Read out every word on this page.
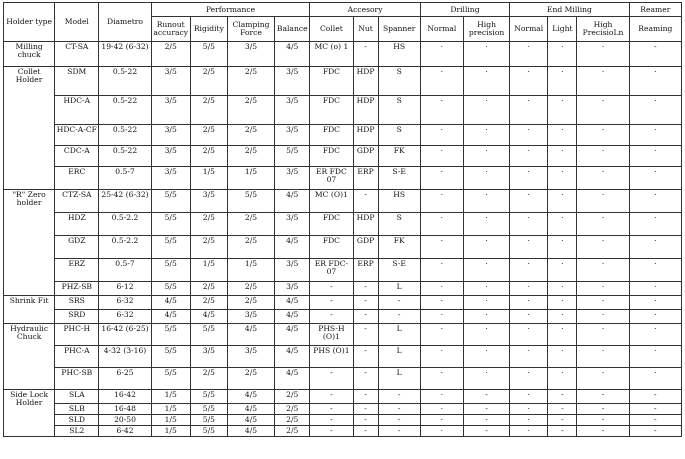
Holder type	Model	Diametro	Performance				Accesory			Drilling		End Milling			Reamer
			Runout accuracy	Rigidity	Clamping Force	Balance	Collet	Nut	Spanner	Normal	High precision	Normal	Light	High PrecisioLn	Reaming
Milling chuck	CT-SA	19-42 (6-32)	2/5	5/5	3/5	4/5	MC (o) 1	-	HS	·	·	·	·	·	-
Collet Holder	SDM	0.5-22	3/5	2/5	2/5	3/5	FDC	HDP	S	·	·	·	·	·	·
	HDC-A	0.5-22	3/5	2/5	2/5	3/5	FDC	HDP	S	·	·	·	·	·	·
	HDC-A-CF	0.5-22	3/5	2/5	2/5	3/5	FDC	HDP	S	·	·	·	·	·	·
	CDC-A	0.5-22	3/5	2/5	2/5	5/5	FDC	GDP	FK	·	·	·	·	·	·
	ERC	0.5-7	3/5	1/5	1/5	3/5	ER FDC 07	ERP	S-E	·	·	·	·	·	·
"R" Zero holder	CTZ-SA	25-42 (6-32)	5/5	3/5	5/5	4/5	MC (O)1	-	HS	·	·	·	·	·	·
	HDZ	0.5-2.2	5/5	2/5	2/5	3/5	FDC	HDP	S	·	·	·	·	·	·
	GDZ	0.5-2.2	5/5	2/5	2/5	4/5	FDC	GDP	FK	·	·	·	·	·	·
	ERZ	0.5-7	5/5	1/5	1/5	3/5	ER FDC-07	ERP	S-E	·	·	·	·	·	·
	PHZ-SB	6-12	5/5	2/5	2/5	3/5	-	-	L	·	·	·	·	·	·
Shrink Fit	SRS	6-32	4/5	2/5	2/5	4/5	-	-	-	·	·	·	·	·	·
	SRD	6-32	4/5	4/5	3/5	4/5	-	-	-	·	·	·	·	·	·
Hydraulic Chuck	PHC-H	16-42 (6-25)	5/5	5/5	4/5	4/5	PHS-H (O)1	-	L	·	·	·	·	·	·
	PHC-A	4-32 (3-16)	5/5	3/5	3/5	4/5	PHS (O)1	-	L	·	·	·	·	·	·
	PHC-SB	6-25	5/5	2/5	2/5	4/5	-	-	L	·	·	·	·	·	·
Side Lock Holder	SLA	16-42	1/5	5/5	4/5	2/5	-	-	-	·	-	·	-	-	-
	SLB	16-48	1/5	5/5	4/5	2/5	-	-	-	·	-	·	-	-	-
	SLD	20-50	1/5	5/5	4/5	2/5	-	-	-	·	-	·	-	-	-
	SL2	6-42	1/5	5/5	4/5	2/5	-	-	-	·	-	·	-	-	-
